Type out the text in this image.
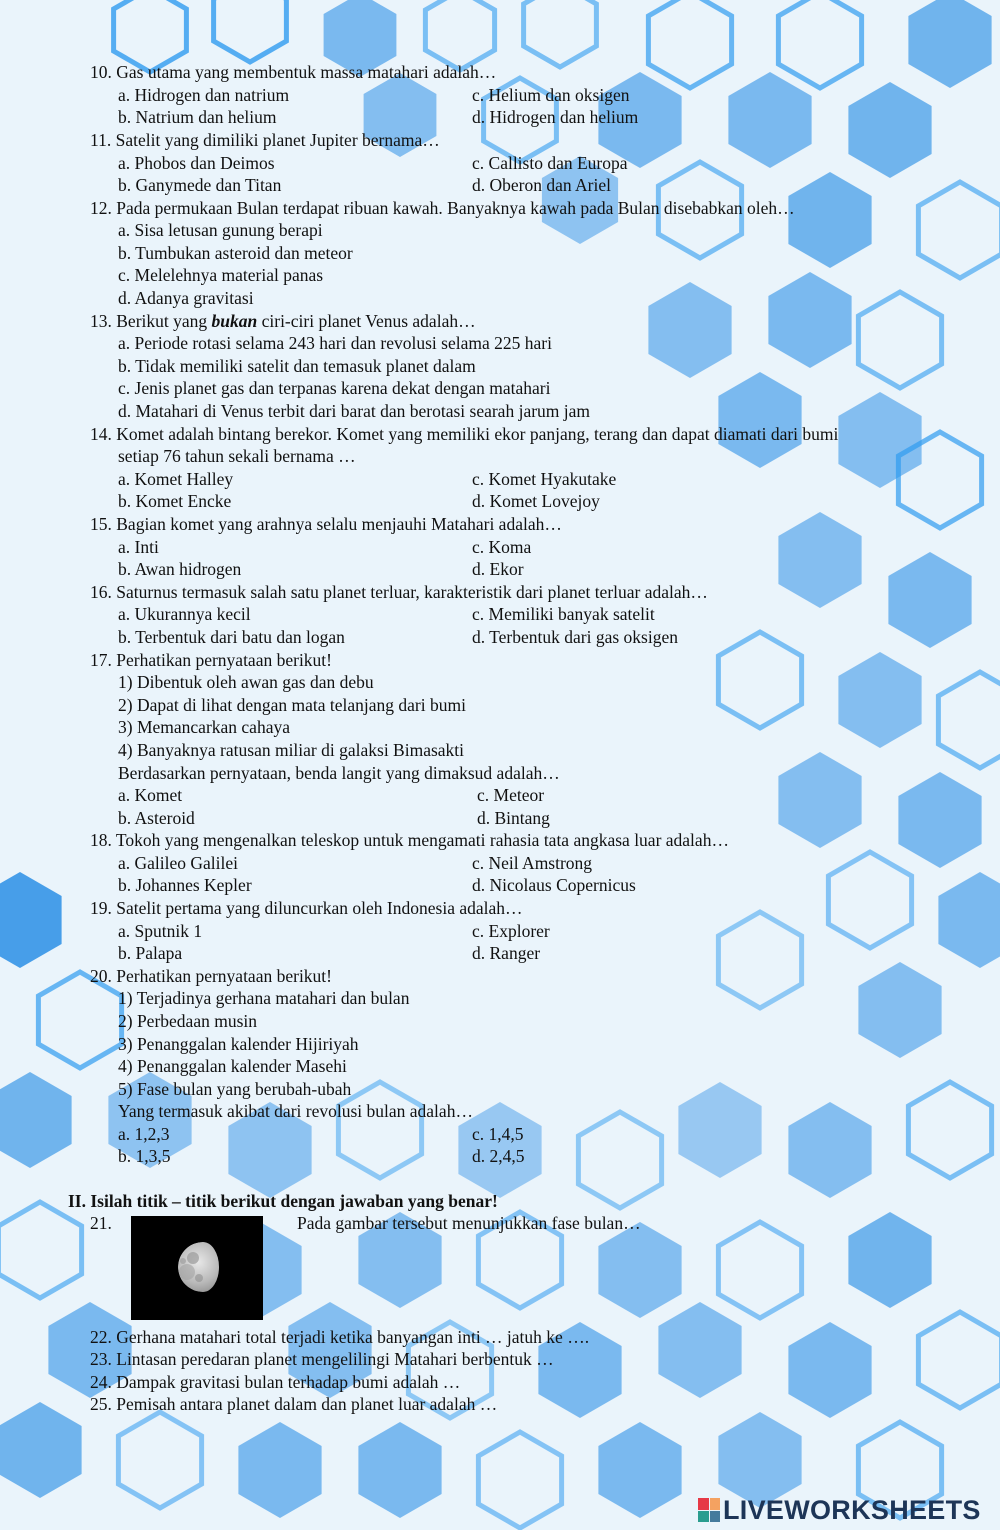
10. Gas utama yang membentuk massa matahari adalah…
a. Hidrogen dan natrium	c. Helium dan oksigen
b. Natrium dan helium	d. Hidrogen dan helium
11. Satelit yang dimiliki planet Jupiter bernama…
a. Phobos dan Deimos	c. Callisto dan Europa
b. Ganymede dan Titan	d. Oberon dan Ariel
12. Pada permukaan Bulan terdapat ribuan kawah. Banyaknya kawah pada Bulan disebabkan oleh…
a. Sisa letusan gunung berapi
b. Tumbukan asteroid dan meteor
c. Melelehnya material panas
d. Adanya gravitasi
a. Periode rotasi selama 243 hari dan revolusi selama 225 hari
b. Tidak memiliki satelit dan temasuk planet dalam
c. Jenis planet gas dan terpanas karena dekat dengan matahari
d. Matahari di Venus terbit dari barat dan berotasi searah jarum jam
14. Komet adalah bintang berekor. Komet yang memiliki ekor panjang, terang dan dapat diamati dari bumi
setiap 76 tahun sekali bernama …
a. Komet Halley	c. Komet Hyakutake
b. Komet Encke	d. Komet Lovejoy
15. Bagian komet yang arahnya selalu menjauhi Matahari adalah…
a. Inti	c. Koma
b. Awan hidrogen	d. Ekor
16. Saturnus termasuk salah satu planet terluar, karakteristik dari planet terluar adalah…
a. Ukurannya kecil	c. Memiliki banyak satelit
b. Terbentuk dari batu dan logan	d. Terbentuk dari gas oksigen
17. Perhatikan pernyataan berikut!
1) Dibentuk oleh awan gas dan debu
2) Dapat di lihat dengan mata telanjang dari bumi
3) Memancarkan cahaya
4) Banyaknya ratusan miliar di galaksi Bimasakti
Berdasarkan pernyataan, benda langit yang dimaksud adalah…
a. Komet	c. Meteor
b. Asteroid	d. Bintang
18. Tokoh yang mengenalkan teleskop untuk mengamati rahasia tata angkasa luar adalah…
a. Galileo Galilei	c. Neil Amstrong
b. Johannes Kepler	d. Nicolaus Copernicus
19. Satelit pertama yang diluncurkan oleh Indonesia adalah…
a. Sputnik 1	c. Explorer
b. Palapa	d. Ranger
20. Perhatikan pernyataan berikut!
1) Terjadinya gerhana matahari dan bulan
2) Perbedaan musin
3) Penanggalan kalender Hijiriyah
4) Penanggalan kalender Masehi
5) Fase bulan yang berubah-ubah
Yang termasuk akibat dari revolusi bulan adalah…
a. 1,2,3	c. 1,4,5
b. 1,3,5	d. 2,4,5
II. Isilah titik – titik berikut dengan jawaban yang benar!
21.
22. Gerhana matahari total terjadi ketika banyangan inti … jatuh ke ….
23. Lintasan peredaran planet mengelilingi Matahari berbentuk …
24. Dampak gravitasi bulan terhadap bumi adalah …
25. Pemisah antara planet dalam dan planet luar adalah …
13. Berikut yang bukan ciri-ciri planet Venus adalah…
Pada gambar tersebut menunjukkan fase bulan…
LIVEWORKSHEETS
